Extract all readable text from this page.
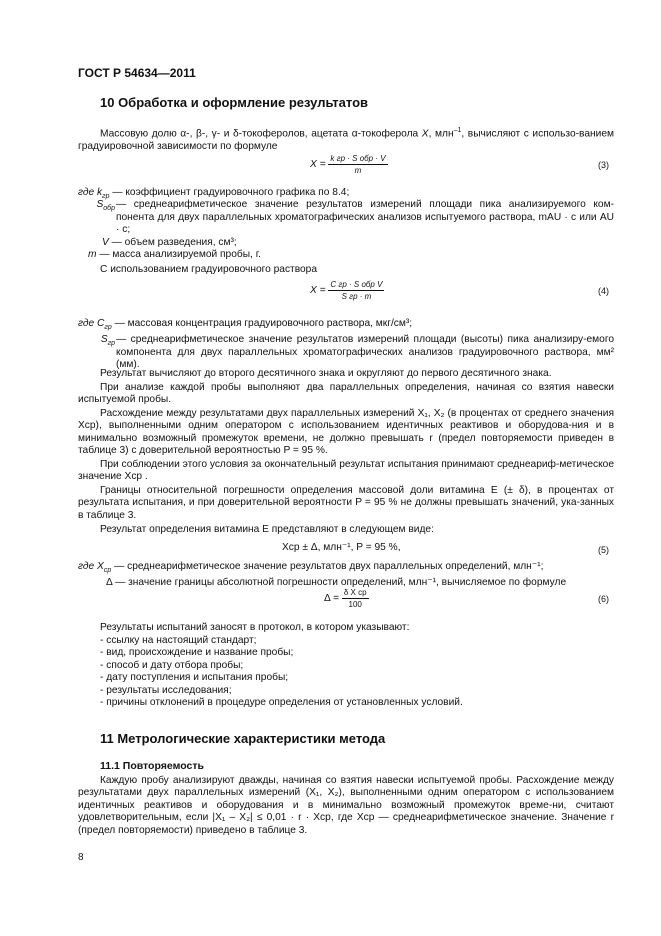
ГОСТ Р 54634—2011
10 Обработка и оформление результатов
Массовую долю α-, β-, γ- и δ-токоферолов, ацетата α-токоферола X, млн$^{-1}$, вычисляют с использо-ванием градуировочной зависимости по формуле
$X = \frac{\text{k гр · S обр · V}}{m}$	(3)
где $k_{гр}$ — коэффициент градуировочного графика по 8.4;
$S_{обр}$ — среднеарифметическое значение результатов измерений площади пика анализируемого ком-понента для двух параллельных хроматографических анализов испытуемого раствора, mAU · c или AU · c;
V — объем разведения, см³;
m — масса анализируемой пробы, г.
С использованием градуировочного раствора
$X = \frac{\text{C гр · S обр V}}{\text{S гр · m}}$	(4)
где $C_{гр}$ — массовая концентрация градуировочного раствора, мкг/см³;
$S_{гр}$ — среднеарифметическое значение результатов измерений площади (высоты) пика анализиру-емого компонента для двух параллельных хроматографических анализов градуировочного раствора, мм² (мм).
Результат вычисляют до второго десятичного знака и округляют до первого десятичного знака.
При анализе каждой пробы выполняют два параллельных определения, начиная со взятия навески испытуемой пробы.
Расхождение между результатами двух параллельных измерений X₁, X₂ (в процентах от среднего значения Xср), выполненными одним оператором с использованием идентичных реактивов и оборудова-ния и в минимально возможный промежуток времени, не должно превышать r (предел повторяемости приведен в таблице 3) с доверительной вероятностью P = 95 %.
При соблюдении этого условия за окончательный результат испытания принимают среднеариф-метическое значение Xср .
Границы относительной погрешности определения массовой доли витамина Е (± δ), в процентах от результата испытания, и при доверительной вероятности P = 95 % не должны превышать значений, ука-занных в таблице 3.
Результат определения витамина Е представляют в следующем виде:
Xср ± Δ, млн⁻¹, P = 95 %,	(5)
где $X_{ср}$ — среднеарифметическое значение результатов двух параллельных определений, млн⁻¹;
Δ — значение границы абсолютной погрешности определений, млн⁻¹, вычисляемое по формуле
$\Delta = \frac{\text{δ X ср}}{100}$	(6)
Результаты испытаний заносят в протокол, в котором указывают:
- ссылку на настоящий стандарт;
- вид, происхождение и название пробы;
- способ и дату отбора пробы;
- дату поступления и испытания пробы;
- результаты исследования;
- причины отклонений в процедуре определения от установленных условий.
11 Метрологические характеристики метода
11.1 Повторяемость
Каждую пробу анализируют дважды, начиная со взятия навески испытуемой пробы. Расхождение между результатами двух параллельных измерений (X₁, X₂), выполненными одним оператором с использованием идентичных реактивов и оборудования и в минимально возможный промежуток време-ни, считают удовлетворительным, если |X₁ – X₂| ≤ 0,01 · r · Xср, где Xср — среднеарифметическое значение. Значение r (предел повторяемости) приведено в таблице 3.
8
